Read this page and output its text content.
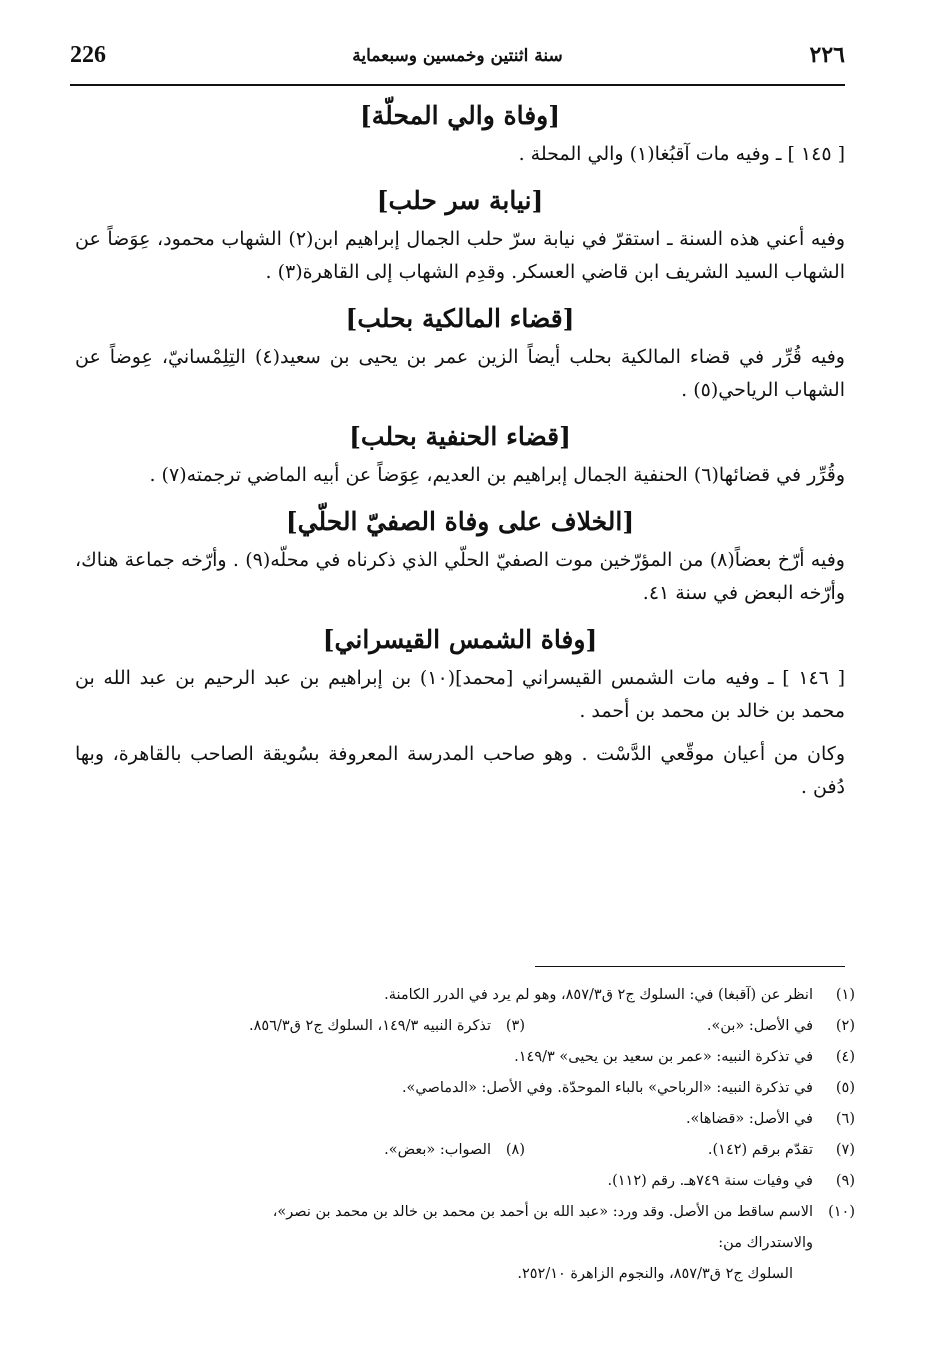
226	سنة اثنتين وخمسين وسبعماية	٢٢٦
[وفاة والي المحلّة]

[ ١٤٥ ] ـ وفيه مات آقبُغا(١) والي المحلة .

[نيابة سر حلب]

وفيه أعني هذه السنة ـ استقرّ في نيابة سرّ حلب الجمال إبراهيم ابن(٢) الشهاب محمود، عِوَضاً عن الشهاب السيد الشريف ابن قاضي العسكر. وقدِم الشهاب إلى القاهرة(٣) .

[قضاء المالكية بحلب]

وفيه قُرِّر في قضاء المالكية بحلب أيضاً الزين عمر بن يحيى بن سعيد(٤) التِلِمْسانيّ، عِوضاً عن الشهاب الرياحي(٥) .

[قضاء الحنفية بحلب]

وقُرِّر في قضائها(٦) الحنفية الجمال إبراهيم بن العديم، عِوَضاً عن أبيه الماضي ترجمته(٧) .

[الخلاف على وفاة الصفيّ الحلّي]

وفيه أرّخ بعضاً(٨) من المؤرّخين موت الصفيّ الحلّي الذي ذكرناه في محلّه(٩) . وأرّخه جماعة هناك، وأرّخه البعض في سنة ٤١.

[وفاة الشمس القيسراني]

[ ١٤٦ ] ـ وفيه مات الشمس القيسراني [محمد](١٠) بن إبراهيم بن عبد الرحيم بن عبد الله بن محمد بن خالد بن محمد بن أحمد .

وكان من أعيان موقّعي الدَّسْت . وهو صاحب المدرسة المعروفة بسُويقة الصاحب بالقاهرة، وبها دُفن .

(١)
انظر عن (آقبغا) في: السلوك ج٢ ق٨٥٧/٣، وهو لم يرد في الدرر الكامنة.
(٢)
في الأصل: «بن».
(٣)
تذكرة النبيه ١٤٩/٣، السلوك ج٢ ق٨٥٦/٣.
(٤)
في تذكرة النبيه: «عمر بن سعيد بن يحيى» ١٤٩/٣.
(٥)
في تذكرة النبيه: «الرباحي» بالباء الموحدّة. وفي الأصل: «الدماصي».
(٦)
في الأصل: «قضاها».
(٧)
تقدّم برقم (١٤٢).
(٨)
الصواب: «بعض».
(٩)
في وفيات سنة ٧٤٩هـ. رقم (١١٢).
(١٠)
الاسم ساقط من الأصل. وقد ورد: «عبد الله بن أحمد بن محمد بن خالد بن محمد بن نصر»،
والاستدراك من:
السلوك ج٢ ق٨٥٧/٣، والنجوم الزاهرة ٢٥٢/١٠.
